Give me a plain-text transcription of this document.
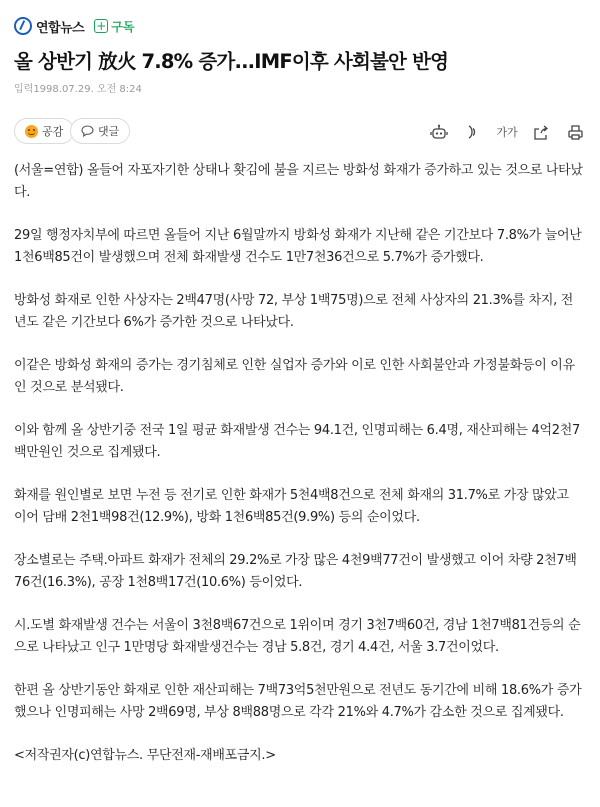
연합뉴스 + 구독
올 상반기 放火 7.8% 증가...IMF이후 사회불안 반영
입력1998.07.29. 오전 8:24
공감	댓글	가가

(서울=연합) 올들어 자포자기한 상태나 홧김에 불을 지르는 방화성 화재가 증가하고 있는 것으로 나타났다.

29일 행정자치부에 따르면 올들어 지난 6월말까지 방화성 화재가 지난해 같은 기간보다 7.8%가 늘어난 1천6백85건이 발생했으며 전체 화재발생 건수도 1만7천36건으로 5.7%가 증가했다.

방화성 화재로 인한 사상자는 2백47명(사망 72, 부상 1백75명)으로 전체 사상자의 21.3%를 차지, 전년도 같은 기간보다 6%가 증가한 것으로 나타났다.

이같은 방화성 화재의 증가는 경기침체로 인한 실업자 증가와 이로 인한 사회불안과 가정불화등이 이유인 것으로 분석됐다.

이와 함께 올 상반기중 전국 1일 평균 화재발생 건수는 94.1건, 인명피해는 6.4명, 재산피해는 4억2천7백만원인 것으로 집계됐다.

화재를 원인별로 보면 누전 등 전기로 인한 화재가 5천4백8건으로 전체 화재의 31.7%로 가장 많았고 이어 담배 2천1백98건(12.9%), 방화 1천6백85건(9.9%) 등의 순이었다.

장소별로는 주택.아파트 화재가 전체의 29.2%로 가장 많은 4천9백77건이 발생했고 이어 차량 2천7백76건(16.3%), 공장 1천8백17건(10.6%) 등이었다.

시.도별 화재발생 건수는 서울이 3천8백67건으로 1위이며 경기 3천7백60건, 경남 1천7백81건등의 순으로 나타났고 인구 1만명당 화재발생건수는 경남 5.8건, 경기 4.4건, 서울 3.7건이었다.

한편 올 상반기동안 화재로 인한 재산피해는 7백73억5천만원으로 전년도 동기간에 비해 18.6%가 증가했으나 인명피해는 사망 2백69명, 부상 8백88명으로 각각 21%와 4.7%가 감소한 것으로 집계됐다.

<저작권자(c)연합뉴스. 무단전재-재배포금지.>
